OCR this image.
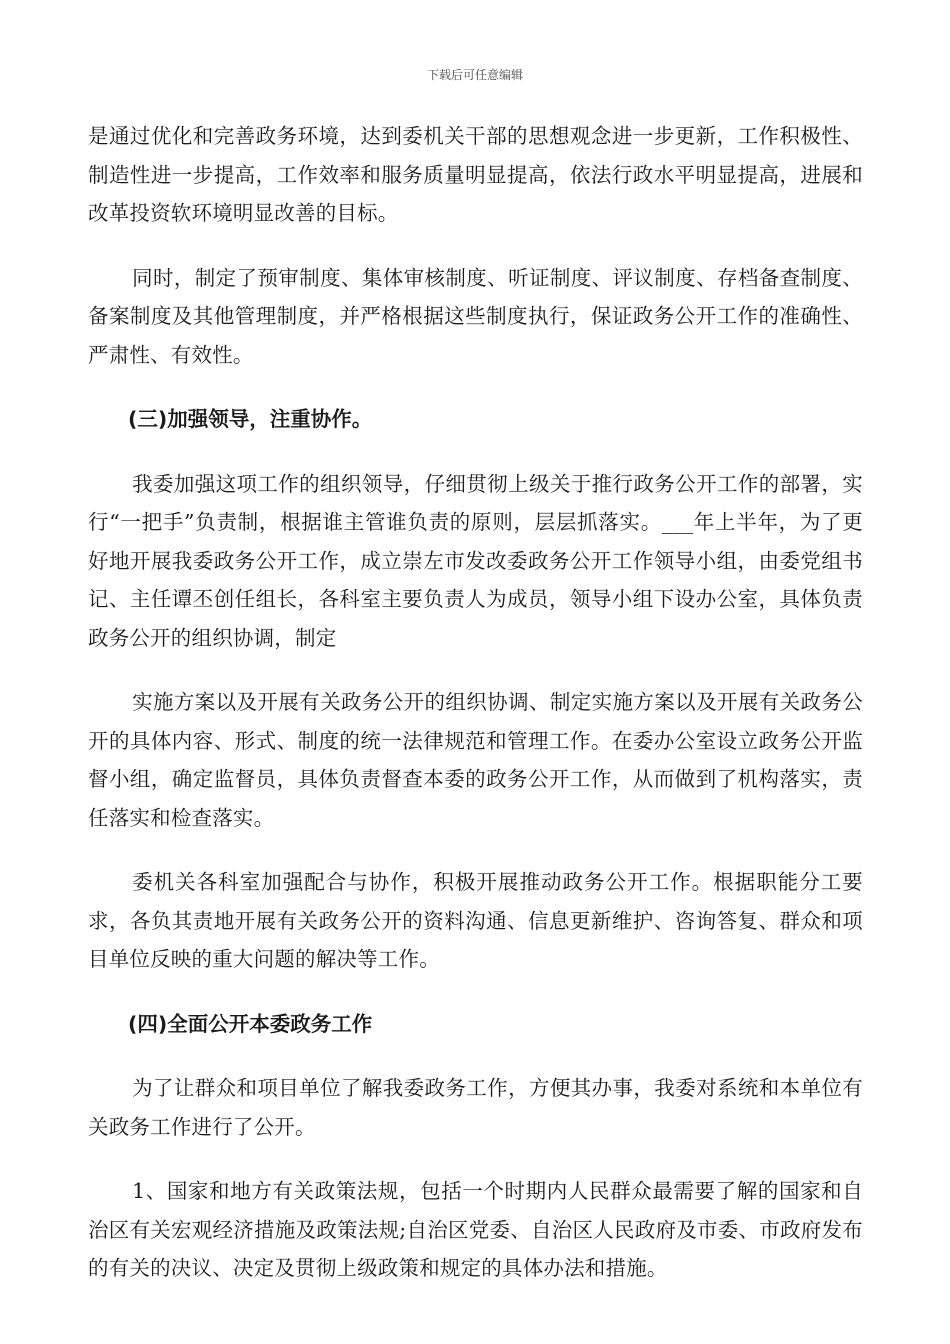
下载后可任意编辑

是通过优化和完善政务环境，达到委机关干部的思想观念进一步更新，工作积极性、制造性进一步提高，工作效率和服务质量明显提高，依法行政水平明显提高，进展和改革投资软环境明显改善的目标。

同时，制定了预审制度、集体审核制度、听证制度、评议制度、存档备查制度、备案制度及其他管理制度，并严格根据这些制度执行，保证政务公开工作的准确性、严肃性、有效性。

(三)加强领导，注重协作。

我委加强这项工作的组织领导，仔细贯彻上级关于推行政务公开工作的部署，实行“一把手”负责制，根据谁主管谁负责的原则，层层抓落实。___年上半年，为了更好地开展我委政务公开工作，成立崇左市发改委政务公开工作领导小组，由委党组书记、主任谭丕创任组长，各科室主要负责人为成员，领导小组下设办公室，具体负责政务公开的组织协调，制定

实施方案以及开展有关政务公开的组织协调、制定实施方案以及开展有关政务公开的具体内容、形式、制度的统一法律规范和管理工作。在委办公室设立政务公开监督小组，确定监督员，具体负责督查本委的政务公开工作，从而做到了机构落实，责任落实和检查落实。

委机关各科室加强配合与协作，积极开展推动政务公开工作。根据职能分工要求，各负其责地开展有关政务公开的资料沟通、信息更新维护、咨询答复、群众和项目单位反映的重大问题的解决等工作。

(四)全面公开本委政务工作

为了让群众和项目单位了解我委政务工作，方便其办事，我委对系统和本单位有关政务工作进行了公开。

1、国家和地方有关政策法规，包括一个时期内人民群众最需要了解的国家和自治区有关宏观经济措施及政策法规;自治区党委、自治区人民政府及市委、市政府发布的有关的决议、决定及贯彻上级政策和规定的具体办法和措施。
